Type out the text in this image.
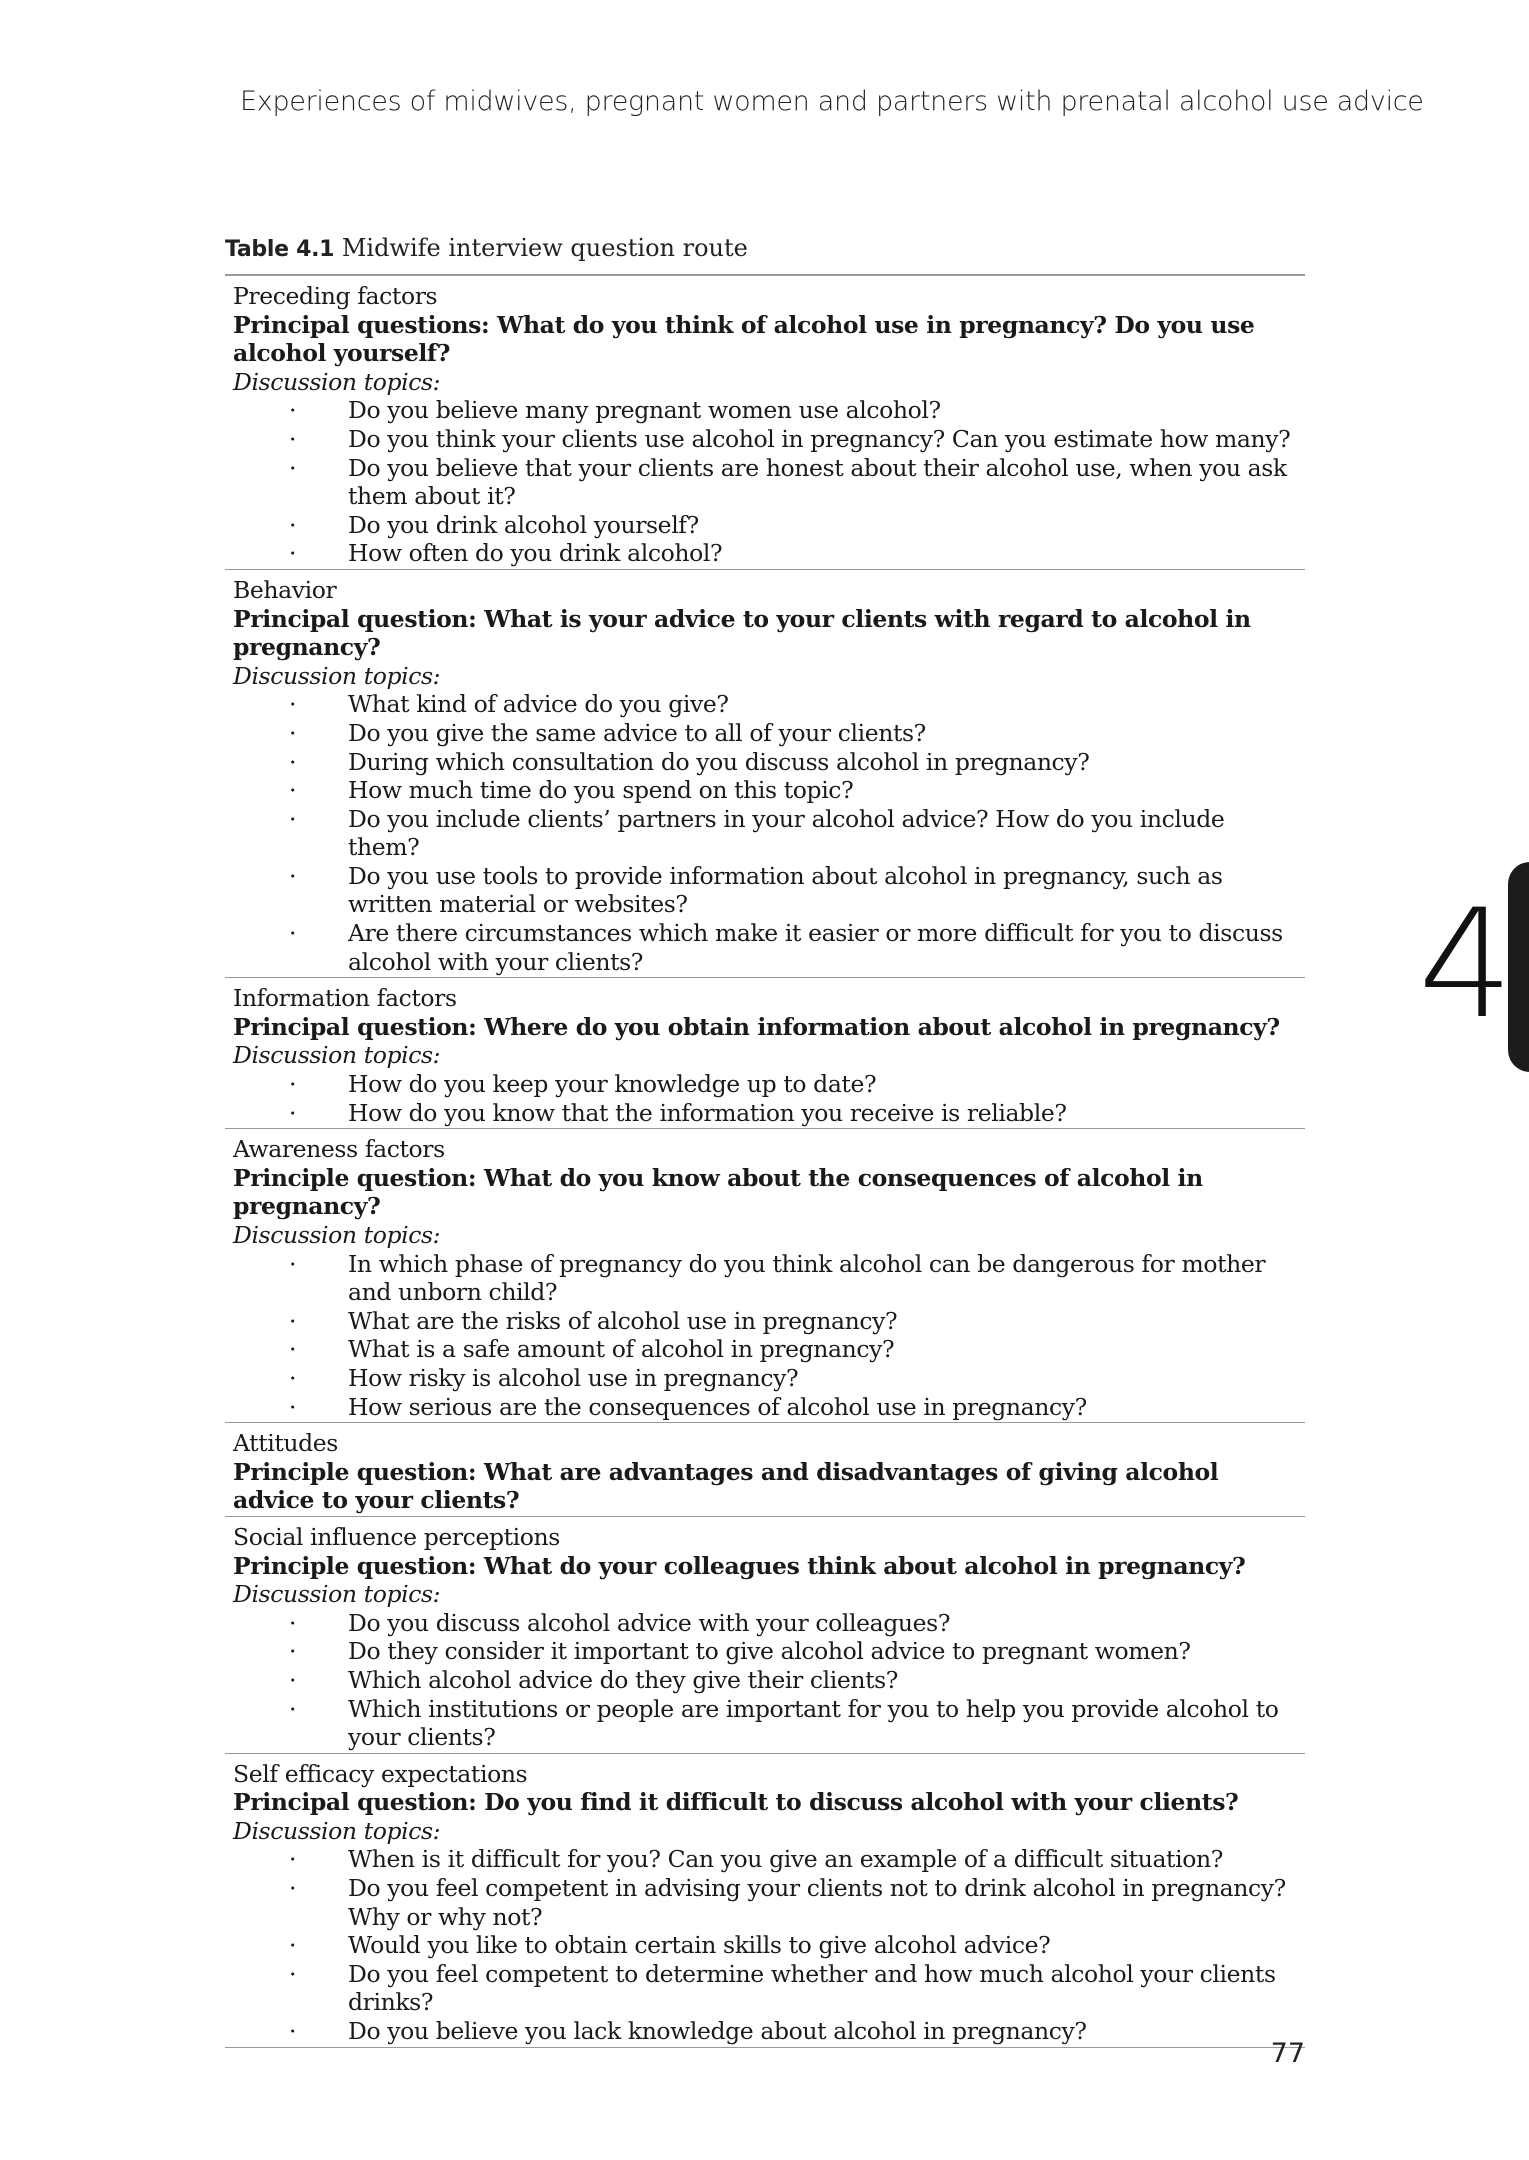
Experiences of midwives, pregnant women and partners with prenatal alcohol use advice
Table 4.1 Midwife interview question route
Preceding factors
Principal questions: What do you think of alcohol use in pregnancy? Do you use alcohol yourself?
Discussion topics:
· Do you believe many pregnant women use alcohol?
· Do you think your clients use alcohol in pregnancy? Can you estimate how many?
· Do you believe that your clients are honest about their alcohol use, when you ask them about it?
· Do you drink alcohol yourself?
· How often do you drink alcohol?
Behavior
Principal question: What is your advice to your clients with regard to alcohol in pregnancy?
Discussion topics:
· What kind of advice do you give?
· Do you give the same advice to all of your clients?
· During which consultation do you discuss alcohol in pregnancy?
· How much time do you spend on this topic?
· Do you include clients’ partners in your alcohol advice? How do you include them?
· Do you use tools to provide information about alcohol in pregnancy, such as written material or websites?
· Are there circumstances which make it easier or more difficult for you to discuss alcohol with your clients?
Information factors
Principal question: Where do you obtain information about alcohol in pregnancy?
Discussion topics:
· How do you keep your knowledge up to date?
· How do you know that the information you receive is reliable?
Awareness factors
Principle question: What do you know about the consequences of alcohol in pregnancy?
Discussion topics:
· In which phase of pregnancy do you think alcohol can be dangerous for mother and unborn child?
· What are the risks of alcohol use in pregnancy?
· What is a safe amount of alcohol in pregnancy?
· How risky is alcohol use in pregnancy?
· How serious are the consequences of alcohol use in pregnancy?
Attitudes
Principle question: What are advantages and disadvantages of giving alcohol advice to your clients?
Social influence perceptions
Principle question: What do your colleagues think about alcohol in pregnancy?
Discussion topics:
· Do you discuss alcohol advice with your colleagues?
· Do they consider it important to give alcohol advice to pregnant women?
· Which alcohol advice do they give their clients?
· Which institutions or people are important for you to help you provide alcohol to your clients?
Self efficacy expectations
Principal question: Do you find it difficult to discuss alcohol with your clients?
Discussion topics:
· When is it difficult for you? Can you give an example of a difficult situation?
· Do you feel competent in advising your clients not to drink alcohol in pregnancy? Why or why not?
· Would you like to obtain certain skills to give alcohol advice?
· Do you feel competent to determine whether and how much alcohol your clients drinks?
· Do you believe you lack knowledge about alcohol in pregnancy?
4
77
